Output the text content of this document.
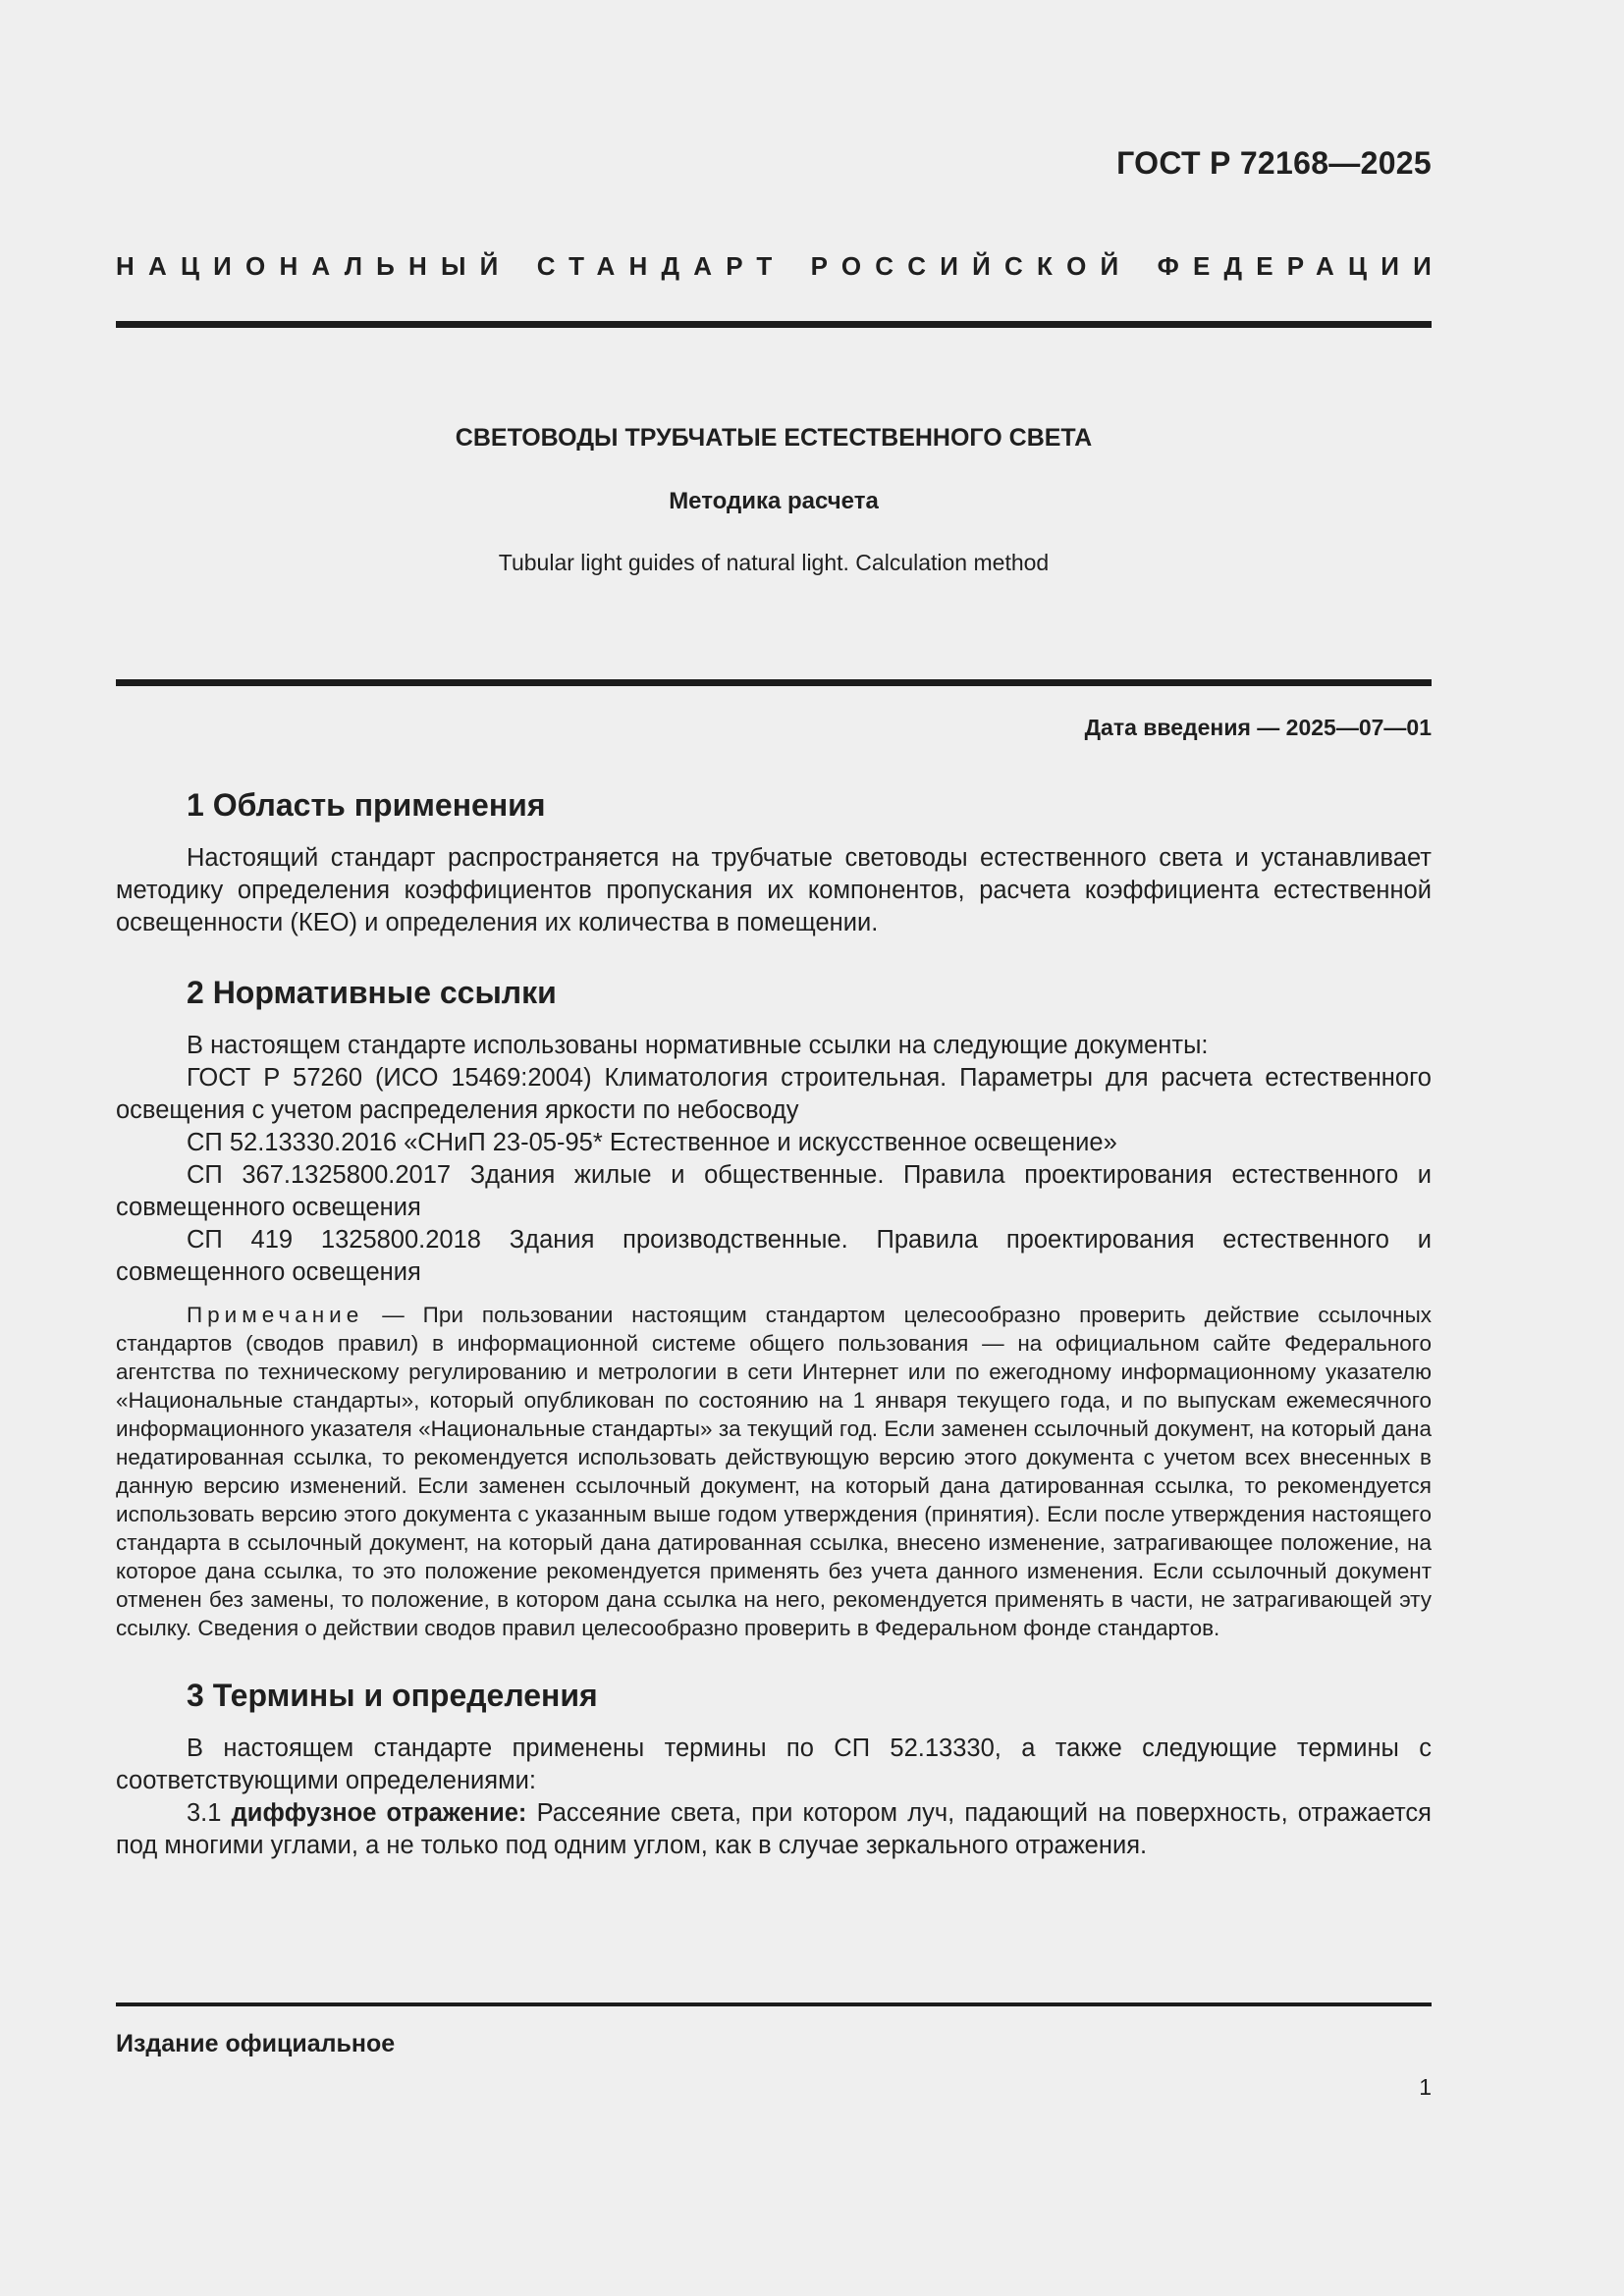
ГОСТ Р 72168—2025
НАЦИОНАЛЬНЫЙ СТАНДАРТ РОССИЙСКОЙ ФЕДЕРАЦИИ
СВЕТОВОДЫ ТРУБЧАТЫЕ ЕСТЕСТВЕННОГО СВЕТА
Методика расчета
Tubular light guides of natural light. Calculation method
Дата введения — 2025—07—01
1 Область применения

Настоящий стандарт распространяется на трубчатые световоды естественного света и устанавливает методику определения коэффициентов пропускания их компонентов, расчета коэффициента естественной освещенности (КЕО) и определения их количества в помещении.

2 Нормативные ссылки

В настоящем стандарте использованы нормативные ссылки на следующие документы:

ГОСТ Р 57260 (ИСО 15469:2004) Климатология строительная. Параметры для расчета естественного освещения с учетом распределения яркости по небосводу

СП 52.13330.2016 «СНиП 23-05-95* Естественное и искусственное освещение»

СП 367.1325800.2017 Здания жилые и общественные. Правила проектирования естественного и совмещенного освещения

СП 419 1325800.2018 Здания производственные. Правила проектирования естественного и совмещенного освещения

Примечание — При пользовании настоящим стандартом целесообразно проверить действие ссылочных стандартов (сводов правил) в информационной системе общего пользования — на официальном сайте Федерального агентства по техническому регулированию и метрологии в сети Интернет или по ежегодному информационному указателю «Национальные стандарты», который опубликован по состоянию на 1 января текущего года, и по выпускам ежемесячного информационного указателя «Национальные стандарты» за текущий год. Если заменен ссылочный документ, на который дана недатированная ссылка, то рекомендуется использовать действующую версию этого документа с учетом всех внесенных в данную версию изменений. Если заменен ссылочный документ, на который дана датированная ссылка, то рекомендуется использовать версию этого документа с указанным выше годом утверждения (принятия). Если после утверждения настоящего стандарта в ссылочный документ, на который дана датированная ссылка, внесено изменение, затрагивающее положение, на которое дана ссылка, то это положение рекомендуется применять без учета данного изменения. Если ссылочный документ отменен без замены, то положение, в котором дана ссылка на него, рекомендуется применять в части, не затрагивающей эту ссылку. Сведения о действии сводов правил целесообразно проверить в Федеральном фонде стандартов.

3 Термины и определения

В настоящем стандарте применены термины по СП 52.13330, а также следующие термины с соответствующими определениями:

3.1 диффузное отражение: Рассеяние света, при котором луч, падающий на поверхность, отражается под многими углами, а не только под одним углом, как в случае зеркального отражения.

Издание официальное
1
